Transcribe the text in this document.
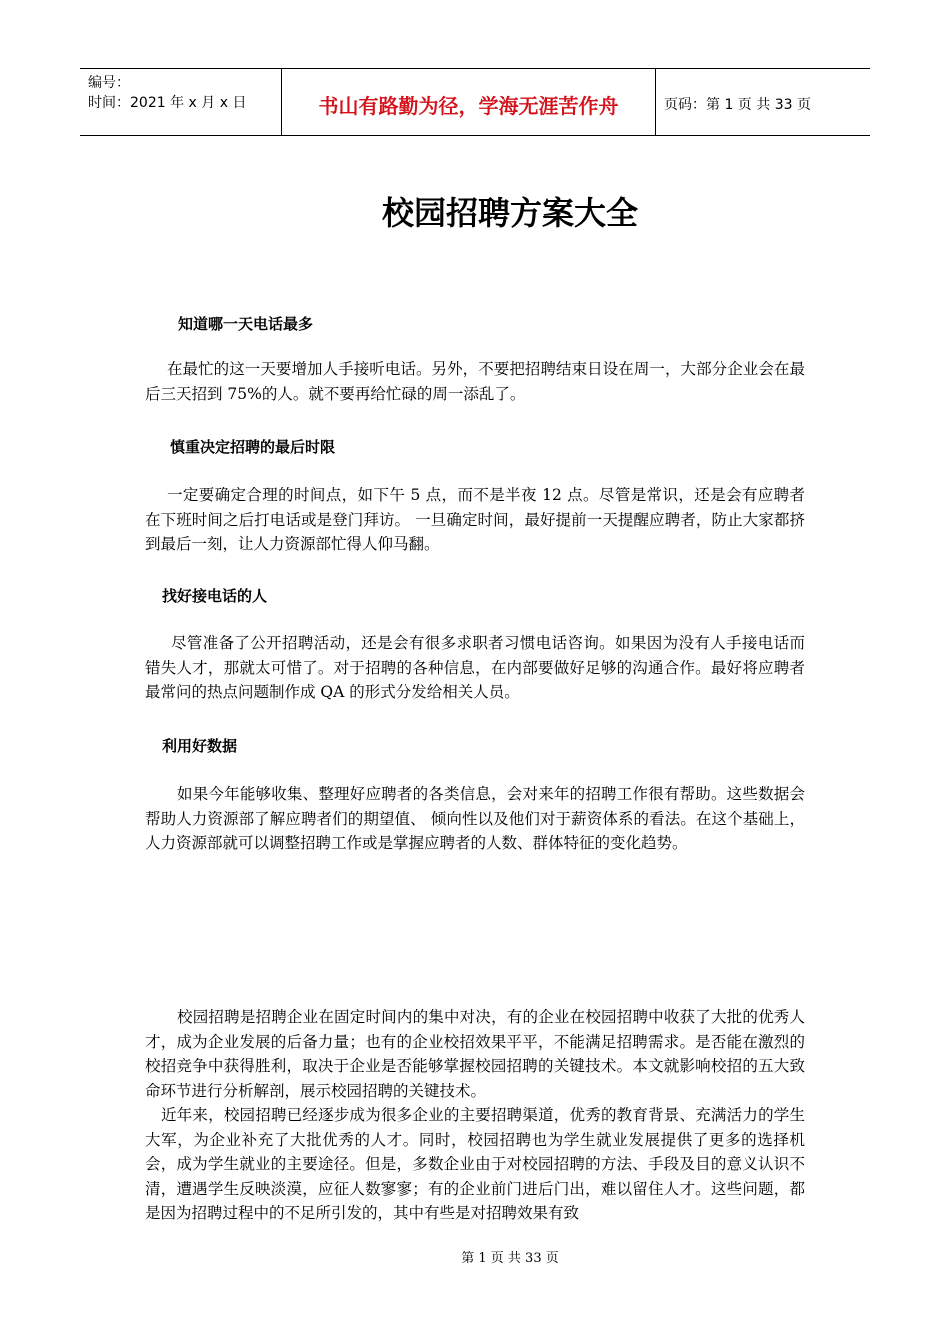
编号：
时间：2021 年 x 月 x 日	书山有路勤为径，学海无涯苦作舟	页码：第 1 页 共 33 页
校园招聘方案大全

知道哪一天电话最多

在最忙的这一天要增加人手接听电话。另外，不要把招聘结束日设在周一，大部分企业会在最后三天招到 75%的人。就不要再给忙碌的周一添乱了。

慎重决定招聘的最后时限

一定要确定合理的时间点，如下午 5 点，而不是半夜 12 点。尽管是常识，还是会有应聘者在下班时间之后打电话或是登门拜访。 一旦确定时间，最好提前一天提醒应聘者，防止大家都挤到最后一刻，让人力资源部忙得人仰马翻。

找好接电话的人

尽管准备了公开招聘活动，还是会有很多求职者习惯电话咨询。如果因为没有人手接电话而错失人才，那就太可惜了。对于招聘的各种信息，在内部要做好足够的沟通合作。最好将应聘者最常问的热点问题制作成 QA 的形式分发给相关人员。

利用好数据

如果今年能够收集、整理好应聘者的各类信息，会对来年的招聘工作很有帮助。这些数据会帮助人力资源部了解应聘者们的期望值、 倾向性以及他们对于薪资体系的看法。在这个基础上，人力资源部就可以调整招聘工作或是掌握应聘者的人数、群体特征的变化趋势。

校园招聘是招聘企业在固定时间内的集中对决，有的企业在校园招聘中收获了大批的优秀人才，成为企业发展的后备力量；也有的企业校招效果平平，不能满足招聘需求。是否能在激烈的校招竞争中获得胜利，取决于企业是否能够掌握校园招聘的关键技术。本文就影响校招的五大致命环节进行分析解剖，展示校园招聘的关键技术。

近年来，校园招聘已经逐步成为很多企业的主要招聘渠道，优秀的教育背景、充满活力的学生大军，为企业补充了大批优秀的人才。同时，校园招聘也为学生就业发展提供了更多的选择机会，成为学生就业的主要途径。但是，多数企业由于对校园招聘的方法、手段及目的意义认识不清，遭遇学生反映淡漠，应征人数寥寥；有的企业前门进后门出，难以留住人才。这些问题，都是因为招聘过程中的不足所引发的，其中有些是对招聘效果有致

第 1 页 共 33 页
